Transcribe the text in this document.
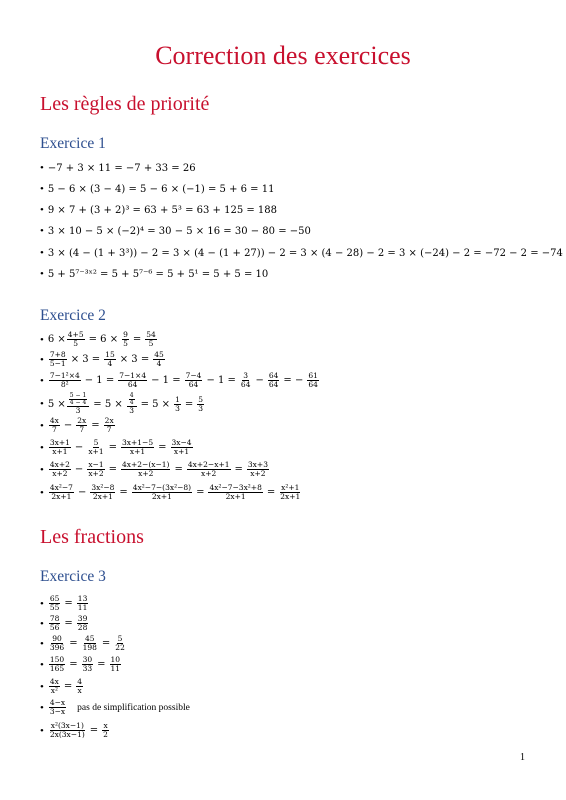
Correction des exercices
Les règles de priorité
Exercice 1
• −7 + 3 × 11 = −7 + 33 = 26
• 5 − 6 × (3 − 4) = 5 − 6 × (−1) = 5 + 6 = 11
• 9 × 7 + (3 + 2)³ = 63 + 5³ = 63 + 125 = 188
• 3 × 10 − 5 × (−2)⁴ = 30 − 5 × 16 = 30 − 80 = −50
• 3 × (4 − (1 + 3³)) − 2 = 3 × (4 − (1 + 27)) − 2 = 3 × (4 − 28) − 2 = 3 × (−24) − 2 = −72 − 2 = −74
• 5 + 5⁷⁻³ˣ² = 5 + 5⁷⁻⁶ = 5 + 5¹ = 5 + 5 = 10
Exercice 2
• $6 \times \frac{4+5}{5} = 6 \times \frac{9}{5} = \frac{54}{5}$
• $\frac{7+8}{5-1} \times 3 = \frac{15}{4} \times 3 = \frac{45}{4}$
• $\frac{\text{7−1²×4}}{\text{8²}} - 1 = \frac{7-1\times 4}{64} - 1 = \frac{7-4}{64} - 1 = \frac{3}{64} - \frac{64}{64}$ = − $\frac{61}{64}$
• $5 \times \frac{\frac{5 - 1}{4 - 4}}{3} = 5 \times \frac{\frac{4}{4}}{3} = 5 \times \frac{1}{3} = \frac{5}{3}$
• $\frac{4x}{7} - \frac{2x}{7} = \frac{2x}{7}$
• $\frac{3x+1}{x+1} - \frac{5}{x+1} = \frac{3x+1-5}{x+1} = \frac{3x-4}{x+1}$
• $\frac{4x+2}{x+2} - \frac{x-1}{x+2} = \frac{4x+2-(x-1)}{x+2} = \frac{4x+2-x+1}{x+2} = \frac{3x+3}{x+2}$
• $\frac{\text{4x²−7}}{2x+1} - \frac{\text{3x²−8}}{2x+1} = \frac{\text{4x²−7−(3x²−8)}}{2x+1} = \frac{\text{4x²−7−3x²+8}}{2x+1} = \frac{\text{x²+1}}{2x+1}$
Les fractions
Exercice 3
• $\frac{65}{55} = \frac{13}{11}$
• $\frac{78}{56} = \frac{39}{28}$
• $\frac{90}{396} = \frac{45}{198} = \frac{5}{22}$
• $\frac{150}{165} = \frac{30}{33} = \frac{10}{11}$
• $\frac{4x}{\text{x²}} = \frac{4}{x}$
• $\frac{4-x}{3-x}$ pas de simplification possible
• $\frac{\text{x²(3x−1)}}{2x(3x-1)} = \frac{x}{2}$
1
